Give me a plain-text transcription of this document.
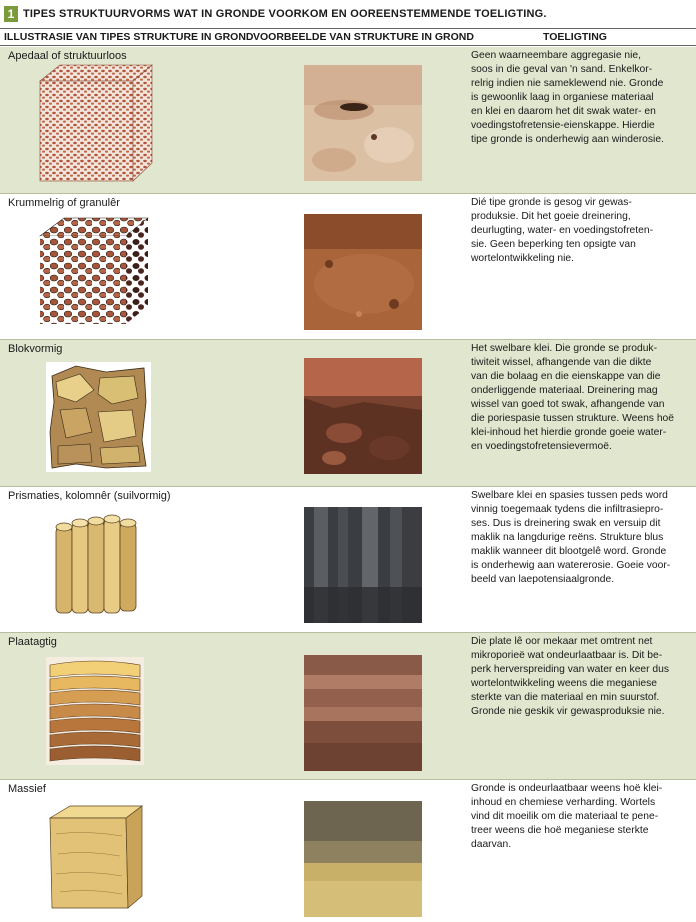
1 TIPES STRUKTUURVORMS WAT IN GRONDE VOORKOM EN OOREENSTEMMENDE TOELIGTING.
ILLUSTRASIE VAN TIPES STRUKTURE IN GROND VOORBEELDE VAN STRUKTURE IN GROND	TOELIGTING
Apedaal of struktuurloos	Geen waarneembare aggregasie nie,
soos in die geval van 'n sand. Enkelkor-
relrig indien nie sameklewend nie. Gronde
is gewoonlik laag in organiese materiaal
en klei en daarom het dit swak water- en
voedingstofretensie-eienskappe. Hierdie
tipe gronde is onderhewig aan winderosie.
Krummelrig of granulêr	Dié tipe gronde is gesog vir gewas-
produksie. Dit het goeie dreinering,
deurlugting, water- en voedingstofreten-
sie. Geen beperking ten opsigte van
wortelontwikkeling nie.
Blokvormig	Het swelbare klei. Die gronde se produk-
tiwiteit wissel, afhangende van die dikte
van die bolaag en die eienskappe van die
onderliggende materiaal. Dreinering mag
wissel van goed tot swak, afhangende van
die poriespasie tussen strukture. Weens hoë
klei-inhoud het hierdie gronde goeie water-
en voedingstofretensievermoë.
Prismaties, kolomnêr (suilvormig)	Swelbare klei en spasies tussen peds word
vinnig toegemaak tydens die infiltrasiepro-
ses. Dus is dreinering swak en versuip dit
maklik na langdurige reëns. Strukture blus
maklik wanneer dit blootgelê word. Gronde
is onderhewig aan watererosie. Goeie voor-
beeld van laepotensiaalgronde.
Plaatagtig	Die plate lê oor mekaar met omtrent net
mikroporieë wat ondeurlaatbaar is. Dit be-
perk herverspreiding van water en keer dus
wortelontwikkeling weens die meganiese
sterkte van die materiaal en min suurstof.
Gronde nie geskik vir gewasproduksie nie.
Massief	Gronde is ondeurlaatbaar weens hoë klei-
inhoud en chemiese verharding. Wortels
vind dit moeilik om die materiaal te pene-
treer weens die hoë meganiese sterkte
daarvan.
